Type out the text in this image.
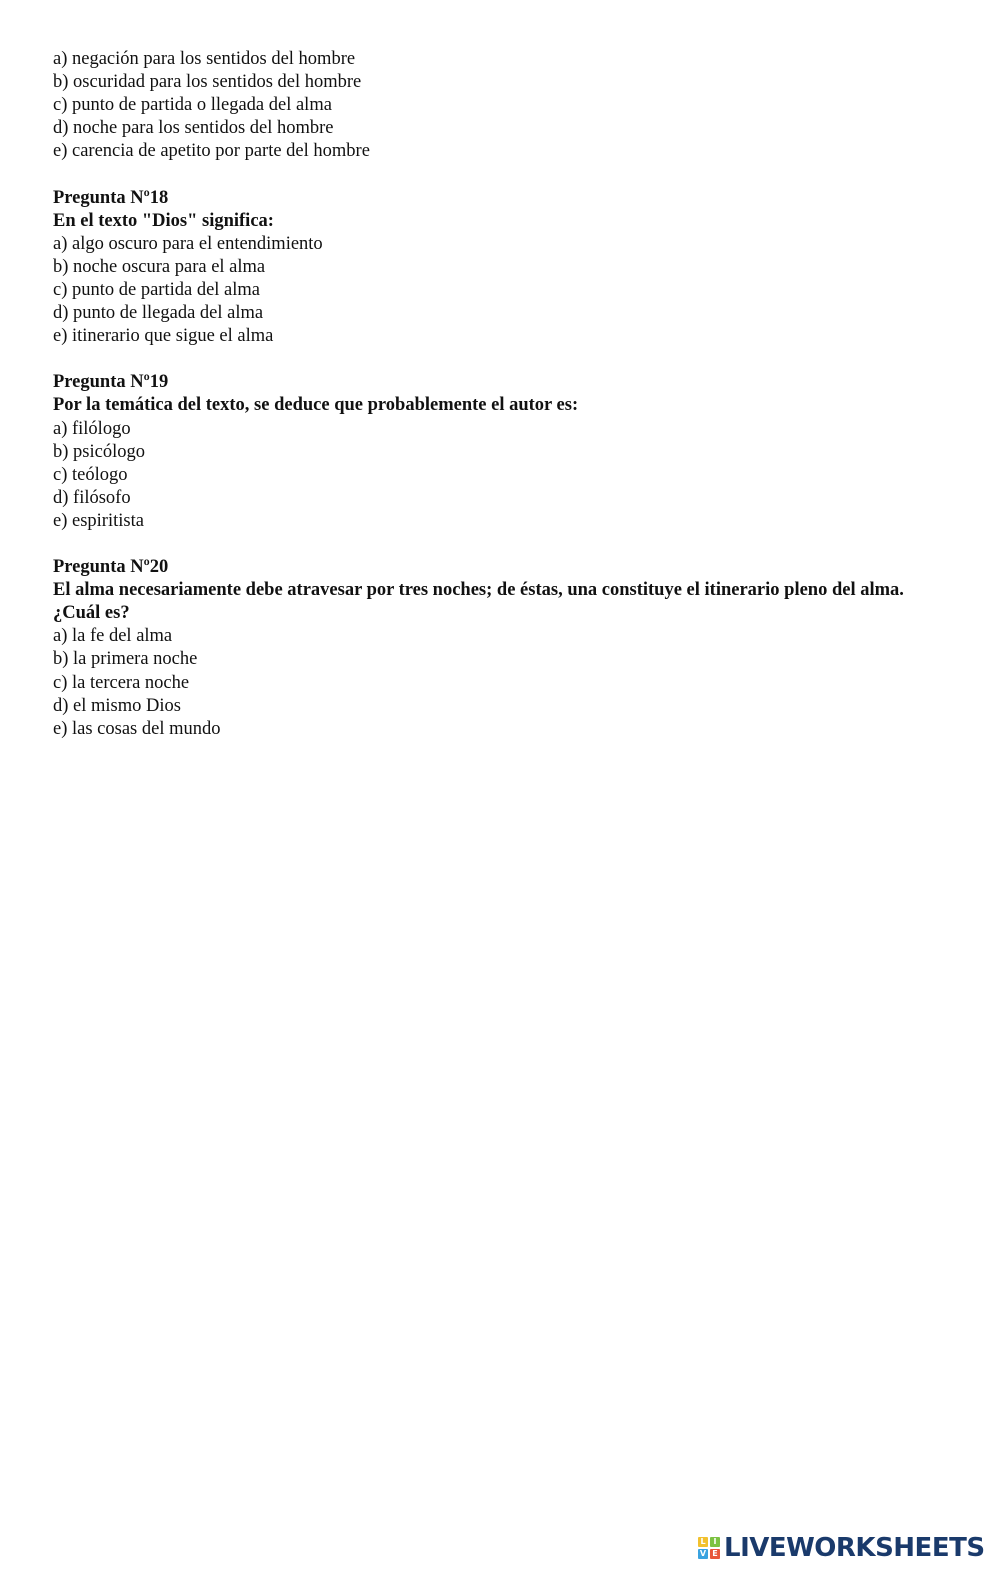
a) negación para los sentidos del hombre
b) oscuridad para los sentidos del hombre
c) punto de partida o llegada del alma
d) noche para los sentidos del hombre
e) carencia de apetito por parte del hombre
Pregunta Nº18
En el texto "Dios" significa:
a) algo oscuro para el entendimiento
b) noche oscura para el alma
c) punto de partida del alma
d) punto de llegada del alma
e) itinerario que sigue el alma
Pregunta Nº19
Por la temática del texto, se deduce que probablemente el autor es:
a) filólogo
b) psicólogo
c) teólogo
d) filósofo
e) espiritista
Pregunta Nº20
El alma necesariamente debe atravesar por tres noches; de éstas, una constituye el itinerario pleno del alma. ¿Cuál es?
a) la fe del alma
b) la primera noche
c) la tercera noche
d) el mismo Dios
e) las cosas del mundo
L I
V E LIVEWORKSHEETS
